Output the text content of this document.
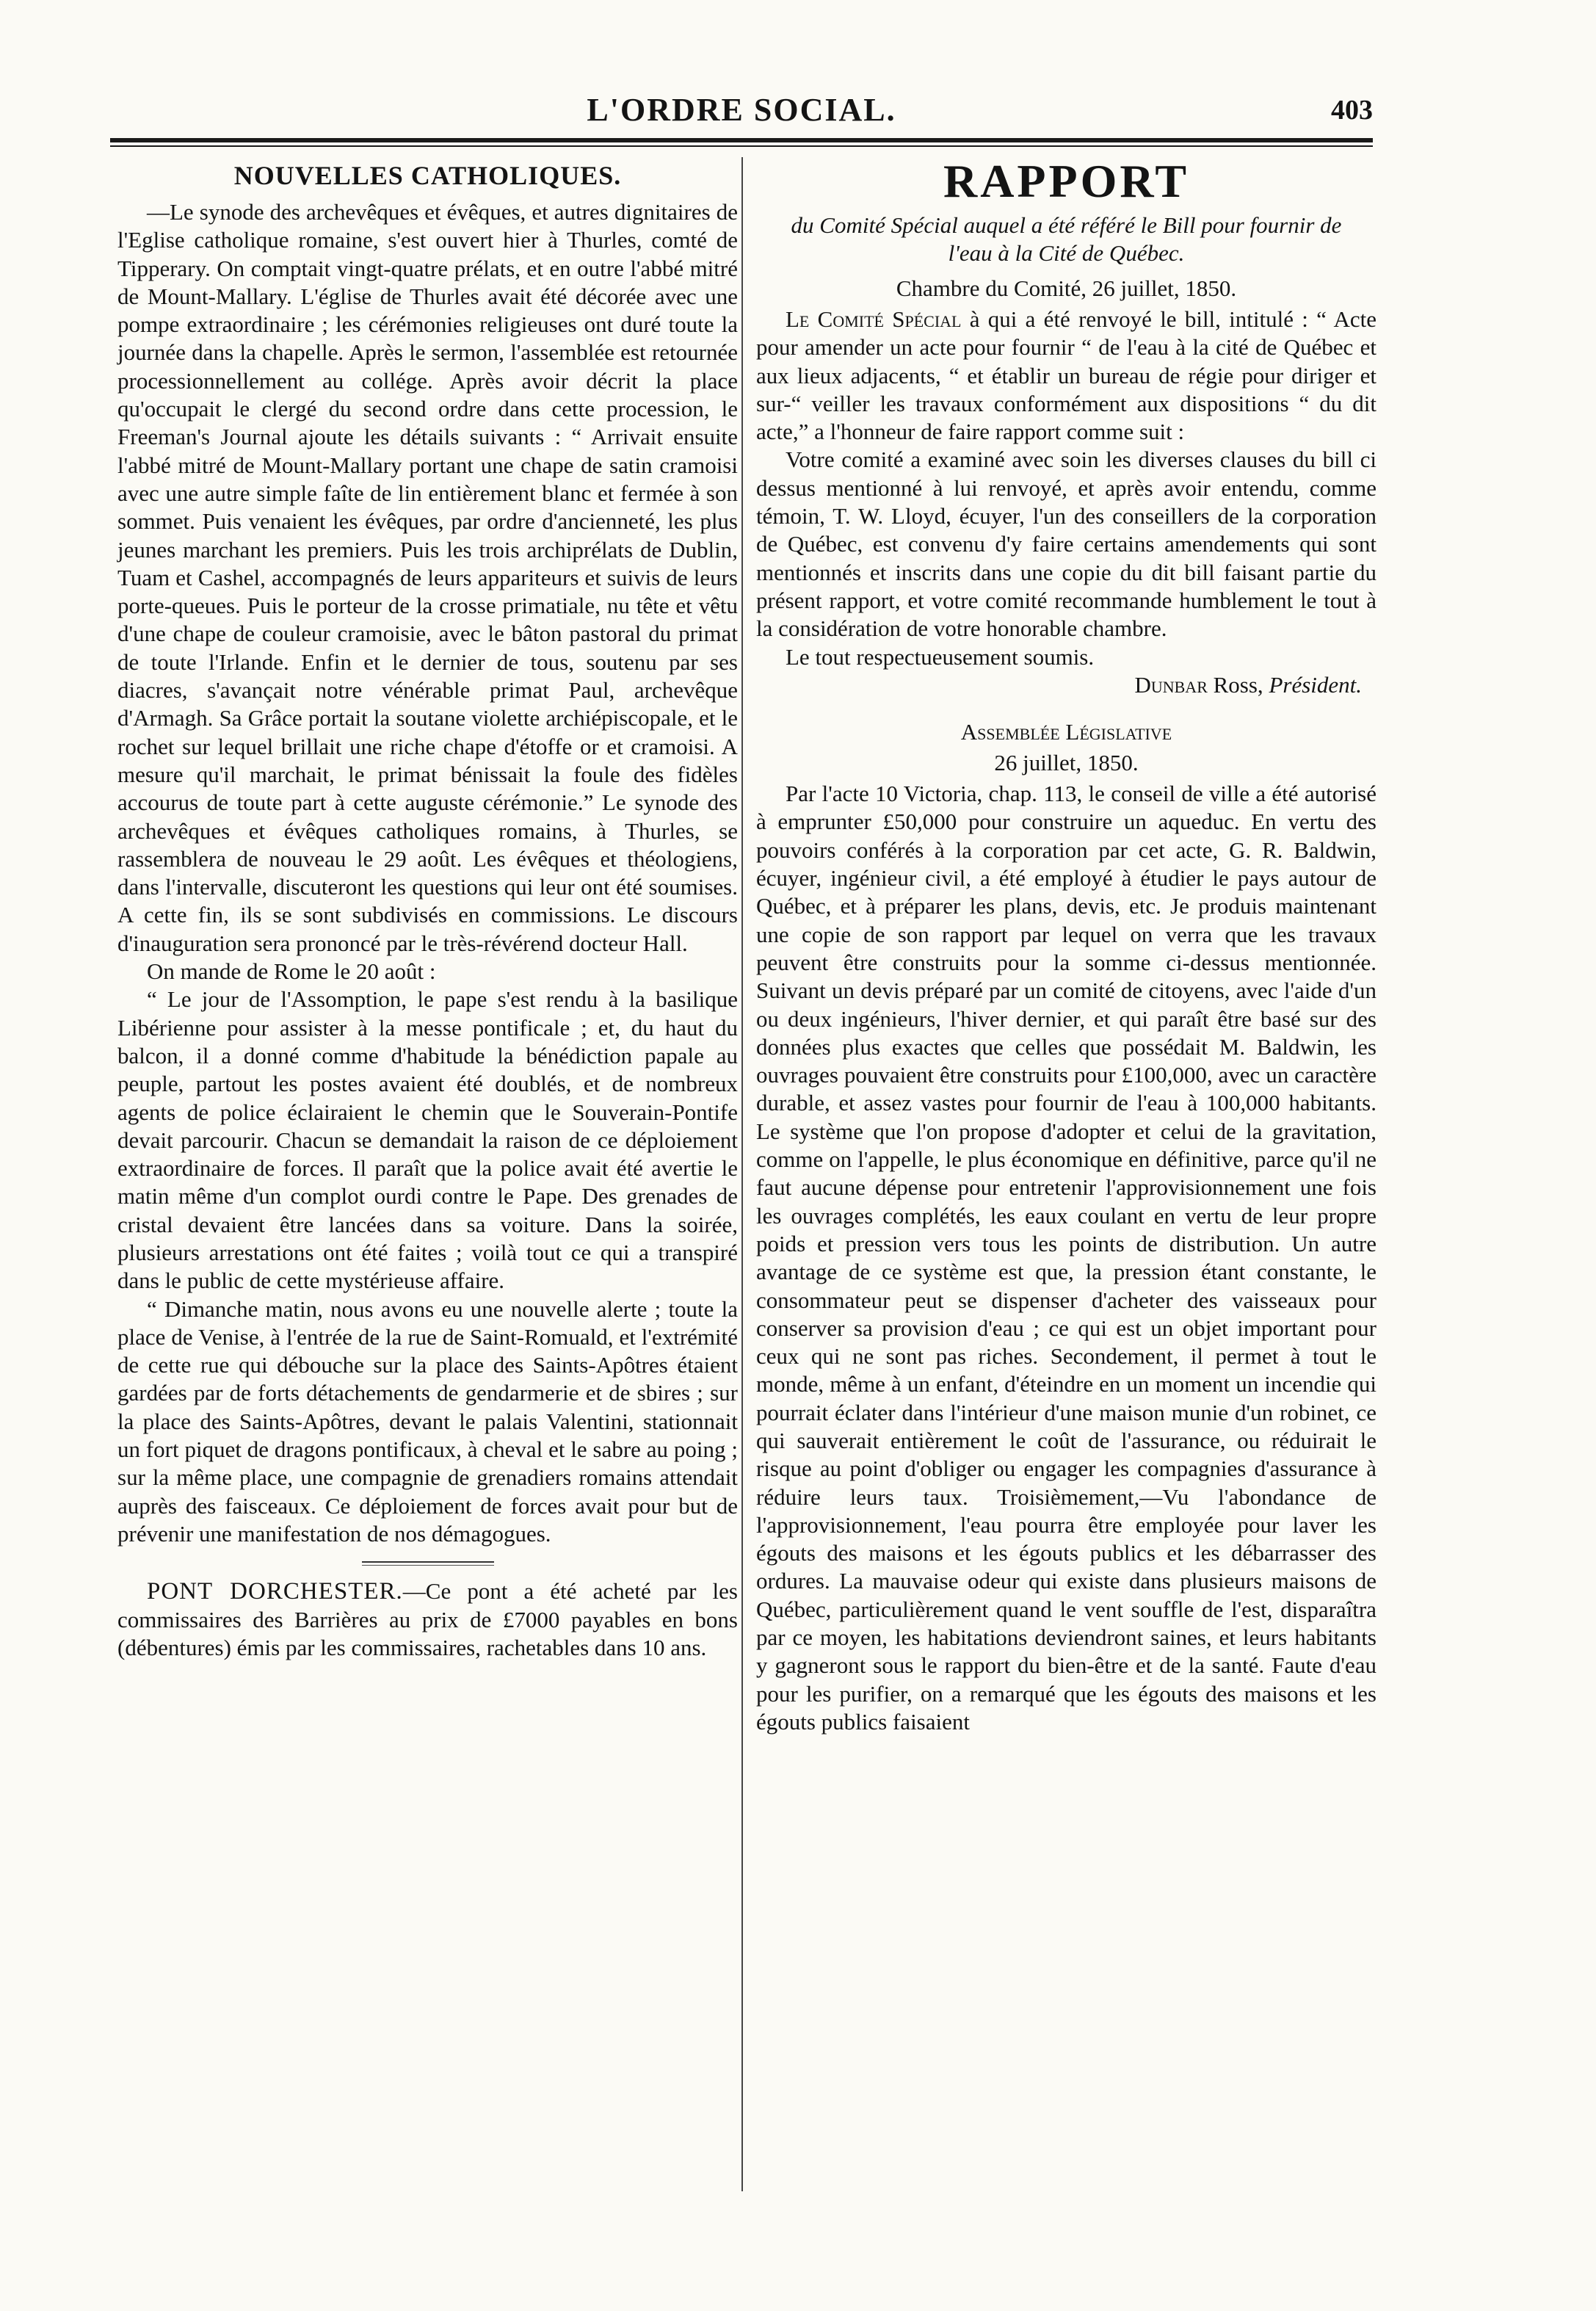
L'ORDRE SOCIAL.	403
NOUVELLES CATHOLIQUES.

—Le synode des archevêques et évêques, et autres dignitaires de l'Eglise catholique romaine, s'est ouvert hier à Thurles, comté de Tipperary. On comptait vingt-quatre prélats, et en outre l'abbé mitré de Mount-Mallary. L'église de Thurles avait été décorée avec une pompe extraordinaire ; les cérémonies religieuses ont duré toute la journée dans la chapelle. Après le sermon, l'assemblée est retournée processionnellement au collége. Après avoir décrit la place qu'occupait le clergé du second ordre dans cette procession, le Freeman's Journal ajoute les détails suivants : “ Arrivait ensuite l'abbé mitré de Mount-Mallary portant une chape de satin cramoisi avec une autre simple faîte de lin entièrement blanc et fermée à son sommet. Puis venaient les évêques, par ordre d'ancienneté, les plus jeunes marchant les premiers. Puis les trois archiprélats de Dublin, Tuam et Cashel, accompagnés de leurs appariteurs et suivis de leurs porte-queues. Puis le porteur de la crosse primatiale, nu tête et vêtu d'une chape de couleur cramoisie, avec le bâton pastoral du primat de toute l'Irlande. Enfin et le dernier de tous, soutenu par ses diacres, s'avançait notre vénérable primat Paul, archevêque d'Armagh. Sa Grâce portait la soutane violette archiépiscopale, et le rochet sur lequel brillait une riche chape d'étoffe or et cramoisi. A mesure qu'il marchait, le primat bénissait la foule des fidèles accourus de toute part à cette auguste cérémonie.” Le synode des archevêques et évêques catholiques romains, à Thurles, se rassemblera de nouveau le 29 août. Les évêques et théologiens, dans l'intervalle, discuteront les questions qui leur ont été soumises. A cette fin, ils se sont subdivisés en commissions. Le discours d'inauguration sera prononcé par le très-révérend docteur Hall.

On mande de Rome le 20 août :

“ Le jour de l'Assomption, le pape s'est rendu à la basilique Libérienne pour assister à la messe pontificale ; et, du haut du balcon, il a donné comme d'habitude la bénédiction papale au peuple, partout les postes avaient été doublés, et de nombreux agents de police éclairaient le chemin que le Souverain-Pontife devait parcourir. Chacun se demandait la raison de ce déploiement extraordinaire de forces. Il paraît que la police avait été avertie le matin même d'un complot ourdi contre le Pape. Des grenades de cristal devaient être lancées dans sa voiture. Dans la soirée, plusieurs arrestations ont été faites ; voilà tout ce qui a transpiré dans le public de cette mystérieuse affaire.

“ Dimanche matin, nous avons eu une nouvelle alerte ; toute la place de Venise, à l'entrée de la rue de Saint-Romuald, et l'extrémité de cette rue qui débouche sur la place des Saints-Apôtres étaient gardées par de forts détachements de gendarmerie et de sbires ; sur la place des Saints-Apôtres, devant le palais Valentini, stationnait un fort piquet de dragons pontificaux, à cheval et le sabre au poing ; sur la même place, une compagnie de grenadiers romains attendait auprès des faisceaux. Ce déploiement de forces avait pour but de prévenir une manifestation de nos démagogues.

PONT DORCHESTER.—Ce pont a été acheté par les commissaires des Barrières au prix de £7000 payables en bons (débentures) émis par les commissaires, rachetables dans 10 ans.

RAPPORT
du Comité Spécial auquel a été référé le Bill pour fournir de l'eau à la Cité de Québec.
Chambre du Comité, 26 juillet, 1850.

Le Comité Spécial à qui a été renvoyé le bill, intitulé : “ Acte pour amender un acte pour fournir “ de l'eau à la cité de Québec et aux lieux adjacents, “ et établir un bureau de régie pour diriger et sur-“ veiller les travaux conformément aux dispositions “ du dit acte,” a l'honneur de faire rapport comme suit :

Votre comité a examiné avec soin les diverses clauses du bill ci dessus mentionné à lui renvoyé, et après avoir entendu, comme témoin, T. W. Lloyd, écuyer, l'un des conseillers de la corporation de Québec, est convenu d'y faire certains amendements qui sont mentionnés et inscrits dans une copie du dit bill faisant partie du présent rapport, et votre comité recommande humblement le tout à la considération de votre honorable chambre.

Le tout respectueusement soumis.

Dunbar Ross, Président.

Assemblée Législative
26 juillet, 1850.

Par l'acte 10 Victoria, chap. 113, le conseil de ville a été autorisé à emprunter £50,000 pour construire un aqueduc. En vertu des pouvoirs conférés à la corporation par cet acte, G. R. Baldwin, écuyer, ingénieur civil, a été employé à étudier le pays autour de Québec, et à préparer les plans, devis, etc. Je produis maintenant une copie de son rapport par lequel on verra que les travaux peuvent être construits pour la somme ci-dessus mentionnée. Suivant un devis préparé par un comité de citoyens, avec l'aide d'un ou deux ingénieurs, l'hiver dernier, et qui paraît être basé sur des données plus exactes que celles que possédait M. Baldwin, les ouvrages pouvaient être construits pour £100,000, avec un caractère durable, et assez vastes pour fournir de l'eau à 100,000 habitants. Le système que l'on propose d'adopter et celui de la gravitation, comme on l'appelle, le plus économique en définitive, parce qu'il ne faut aucune dépense pour entretenir l'approvisionnement une fois les ouvrages complétés, les eaux coulant en vertu de leur propre poids et pression vers tous les points de distribution. Un autre avantage de ce système est que, la pression étant constante, le consommateur peut se dispenser d'acheter des vaisseaux pour conserver sa provision d'eau ; ce qui est un objet important pour ceux qui ne sont pas riches. Secondement, il permet à tout le monde, même à un enfant, d'éteindre en un moment un incendie qui pourrait éclater dans l'intérieur d'une maison munie d'un robinet, ce qui sauverait entièrement le coût de l'assurance, ou réduirait le risque au point d'obliger ou engager les compagnies d'assurance à réduire leurs taux. Troisièmement,—Vu l'abondance de l'approvisionnement, l'eau pourra être employée pour laver les égouts des maisons et les égouts publics et les débarrasser des ordures. La mauvaise odeur qui existe dans plusieurs maisons de Québec, particulièrement quand le vent souffle de l'est, disparaîtra par ce moyen, les habitations deviendront saines, et leurs habitants y gagneront sous le rapport du bien-être et de la santé. Faute d'eau pour les purifier, on a remarqué que les égouts des maisons et les égouts publics faisaient
